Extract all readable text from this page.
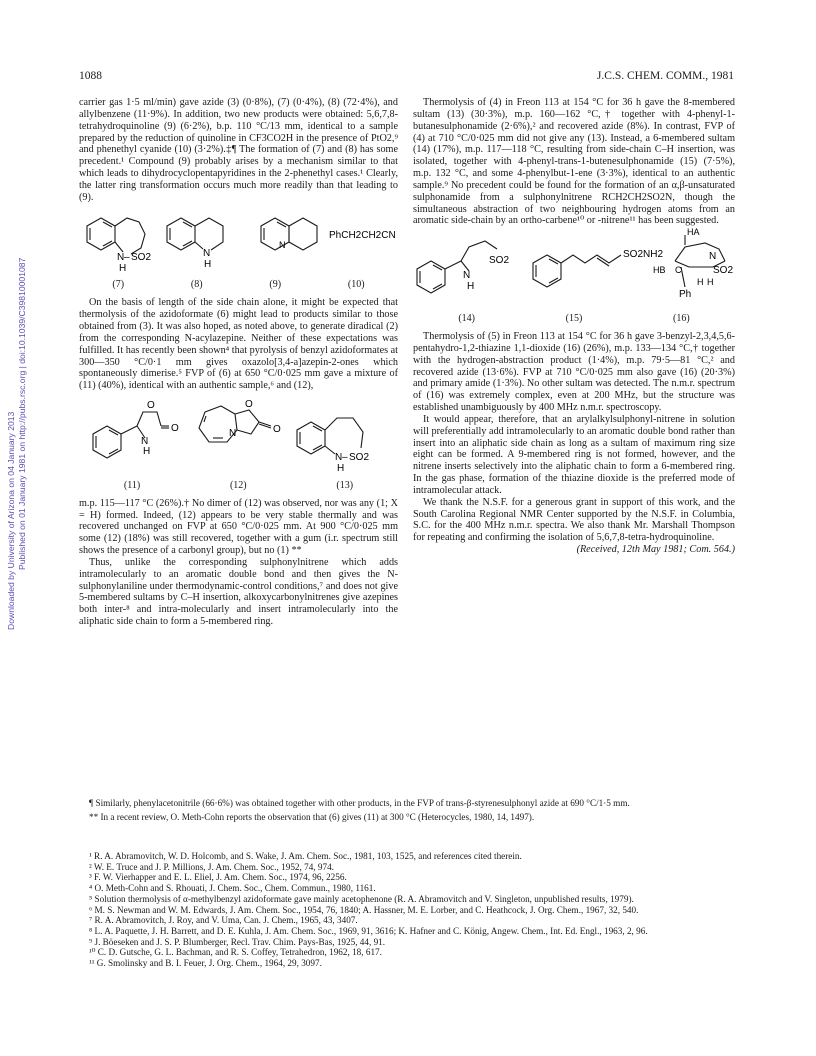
Downloaded by University of Arizona on 04 January 2013 Published on 01 January 1981 on http://pubs.rsc.org | doi:10.1039/C39810001087
1088	J.C.S. CHEM. COMM., 1981

carrier gas 1·5 ml/min) gave azide (3) (0·8%), (7) (0·4%), (8) (72·4%), and allylbenzene (11·9%). In addition, two new products were obtained: 5,6,7,8-tetrahydroquinoline (9) (6·2%), b.p. 110 °C/13 mm, identical to a sample prepared by the reduction of quinoline in CF3CO2H in the presence of PtO2,⁹ and phenethyl cyanide (10) (3·2%).‡¶ The formation of (7) and (8) has some precedent.¹ Compound (9) probably arises by a mechanism similar to that which leads to dihydrocyclopentapyridines in the 2-phenethyl cases.¹ Clearly, the latter ring transformation occurs much more readily than that leading to (9).

N – SO2
H
N
H
N
PhCH2CH2CN
(7)	(8)	(9)	(10)

On the basis of length of the side chain alone, it might be expected that thermolysis of the azidoformate (6) might lead to products similar to those obtained from (3). It was also hoped, as noted above, to generate diradical (2) from the corresponding N-acylazepine. Neither of these expectations was fulfilled. It has recently been shown⁴ that pyrolysis of benzyl azidoformates at 300—350 °C/0·1 mm gives oxazolo[3,4-a]azepin-2-ones which spontaneously dimerise.⁵ FVP of (6) at 650 °C/0·025 mm gave a mixture of (11) (40%), identical with an authentic sample,⁶ and (12),

O
N
H
O
O
N	O
N – SO2
H
(11)	(12)	(13)

m.p. 115—117 °C (26%).† No dimer of (12) was observed, nor was any (1; X = H) formed. Indeed, (12) appears to be very stable thermally and was recovered unchanged on FVP at 650 °C/0·025 mm. At 900 °C/0·025 mm some (12) (18%) was still recovered, together with a gum (i.r. spectrum still shows the presence of a carbonyl group), but no (1) **

Thus, unlike the corresponding sulphonylnitrene which adds intramolecularly to an aromatic double bond and then gives the N-sulphonylaniline under thermodynamic-control conditions,⁷ and does not give 5-membered sultams by C–H insertion, alkoxycarbonylnitrenes give azepines both inter-⁸ and intra-molecularly and insert intramolecularly into the aliphatic side chain to form a 5-membered ring.

Thermolysis of (4) in Freon 113 at 154 °C for 36 h gave the 8-membered sultam (13) (30·3%), m.p. 160—162 °C,† together with 4-phenyl-1-butanesulphonamide (2·6%),² and recovered azide (8%). In contrast, FVP of (4) at 710 °C/0·025 mm did not give any (13). Instead, a 6-membered sultam (14) (17%), m.p. 117—118 °C, resulting from side-chain C–H insertion, was isolated, together with 4-phenyl-trans-1-butenesulphonamide (15) (7·5%), m.p. 132 °C, and some 4-phenylbut-1-ene (3·3%), identical to an authentic sample.⁹ No precedent could be found for the formation of an α,β-unsaturated sulphonamide from a sulphonylnitrene RCH2CH2SO2N, though the simultaneous abstraction of two neighbouring hydrogen atoms from an aromatic side-chain by an ortho-carbene¹⁰ or -nitrene¹¹ has been suggested.

N
H
SO2
SO2NH2
HA
HB C
N
SO2
Ph
H H
(14)	(15)	(16)

Thermolysis of (5) in Freon 113 at 154 °C for 36 h gave 3-benzyl-2,3,4,5,6-pentahydro-1,2-thiazine 1,1-dioxide (16) (26%), m.p. 133—134 °C,† together with the hydrogen-abstraction product (1·4%), m.p. 79·5—81 °C,² and recovered azide (13·6%). FVP at 710 °C/0·025 mm also gave (16) (20·3%) and primary amide (1·3%). No other sultam was detected. The n.m.r. spectrum of (16) was extremely complex, even at 200 MHz, but the structure was established unambiguously by 400 MHz n.m.r. spectroscopy.

It would appear, therefore, that an arylalkylsulphonyl-nitrene in solution will preferentially add intramolecularly to an aromatic double bond rather than insert into an aliphatic side chain as long as a sultam of maximum ring size eight can be formed. A 9-membered ring is not formed, however, and the nitrene inserts selectively into the aliphatic chain to form a 6-membered ring. In the gas phase, formation of the thiazine dioxide is the preferred mode of intramolecular attack.

We thank the N.S.F. for a generous grant in support of this work, and the South Carolina Regional NMR Center supported by the N.S.F. in Columbia, S.C. for the 400 MHz n.m.r. spectra. We also thank Mr. Marshall Thompson for repeating and confirming the isolation of 5,6,7,8-tetra-hydroquinoline.

(Received, 12th May 1981; Com. 564.)

¶ Similarly, phenylacetonitrile (66·6%) was obtained together with other products, in the FVP of trans-β-styrenesulphonyl azide at 690 °C/1·5 mm.

** In a recent review, O. Meth-Cohn reports the observation that (6) gives (11) at 300 °C (Heterocycles, 1980, 14, 1497).

¹ R. A. Abramovitch, W. D. Holcomb, and S. Wake, J. Am. Chem. Soc., 1981, 103, 1525, and references cited therein.

² W. E. Truce and J. P. Millions, J. Am. Chem. Soc., 1952, 74, 974.

³ F. W. Vierhapper and E. L. Eliel, J. Am. Chem. Soc., 1974, 96, 2256.

⁴ O. Meth-Cohn and S. Rhouati, J. Chem. Soc., Chem. Commun., 1980, 1161.

⁵ Solution thermolysis of α-methylbenzyl azidoformate gave mainly acetophenone (R. A. Abramovitch and V. Singleton, unpublished results, 1979).

⁶ M. S. Newman and W. M. Edwards, J. Am. Chem. Soc., 1954, 76, 1840; A. Hassner, M. E. Lorber, and C. Heathcock, J. Org. Chem., 1967, 32, 540.

⁷ R. A. Abramovitch, J. Roy, and V. Uma, Can. J. Chem., 1965, 43, 3407.

⁸ L. A. Paquette, J. H. Barrett, and D. E. Kuhla, J. Am. Chem. Soc., 1969, 91, 3616; K. Hafner and C. König, Angew. Chem., Int. Ed. Engl., 1963, 2, 96.

⁹ J. Böeseken and J. S. P. Blumberger, Recl. Trav. Chim. Pays-Bas, 1925, 44, 91.

¹⁰ C. D. Gutsche, G. L. Bachman, and R. S. Coffey, Tetrahedron, 1962, 18, 617.

¹¹ G. Smolinsky and B. I. Feuer, J. Org. Chem., 1964, 29, 3097.
